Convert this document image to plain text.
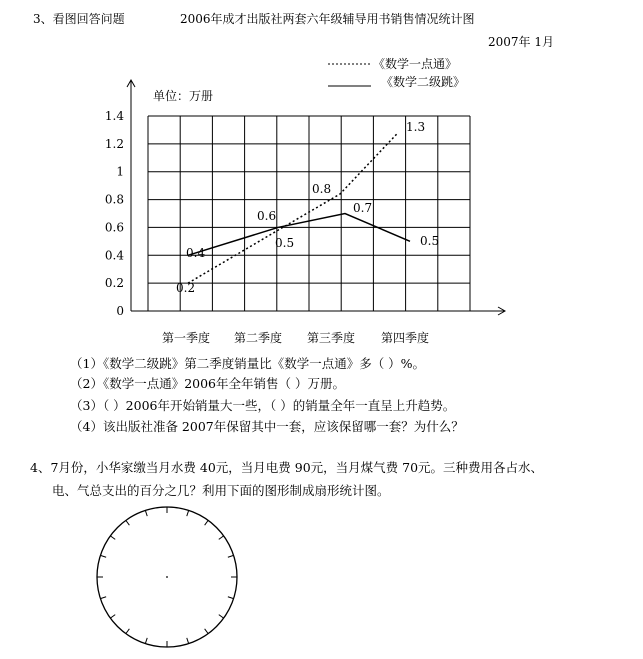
3、看图回答问题	2006年成才出版社两套六年级辅导用书销售情况统计图
2007年 1月
0
0.2
0.4
0.6
0.8
1
1.2
1.4
单位：万册
第一季度 第二季度 第三季度 第四季度
0.2
0.5
0.8
1.3
0.4
0.6
0.7
0.5
《数学一点通》
《数学二级跳》
（1）《数学二级跳》第二季度销量比《数学一点通》多（ ）%。
（2）《数学一点通》2006年全年销售（ ）万册。
（3）（ ）2006年开始销量大一些，（ ）的销量全年一直呈上升趋势。
（4）该出版社准备 2007年保留其中一套，应该保留哪一套？为什么？
4、7月份，小华家缴当月水费 40元，当月电费 90元，当月煤气费 70元。三种费用各占水、
电、气总支出的百分之几？利用下面的图形制成扇形统计图。
